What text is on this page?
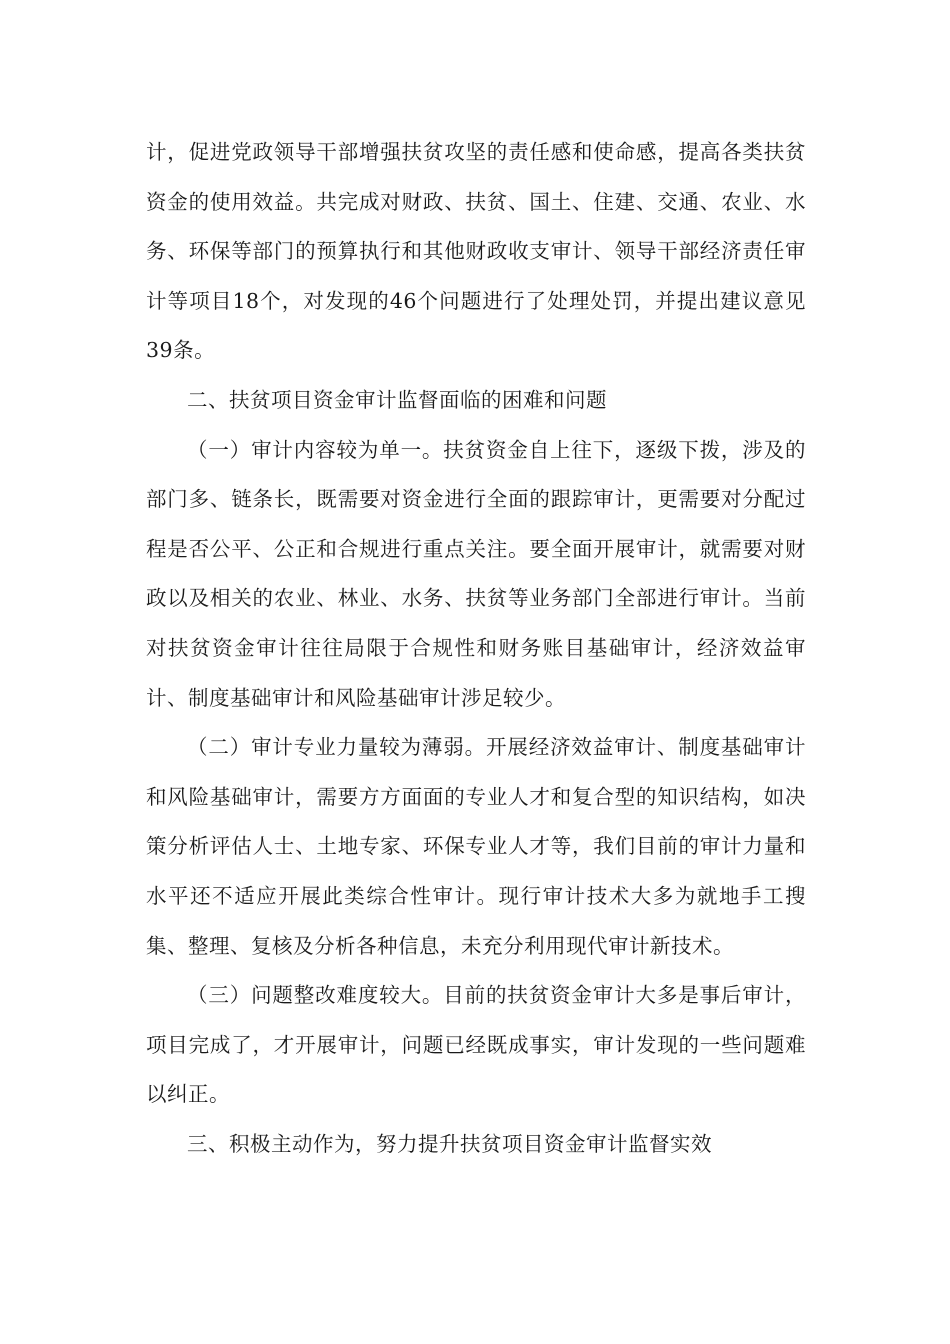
计，促进党政领导干部增强扶贫攻坚的责任感和使命感，提高各类扶贫资金的使用效益。共完成对财政、扶贫、国土、住建、交通、农业、水务、环保等部门的预算执行和其他财政收支审计、领导干部经济责任审计等项目18个，对发现的46个问题进行了处理处罚，并提出建议意见39条。

二、扶贫项目资金审计监督面临的困难和问题

（一）审计内容较为单一。扶贫资金自上往下，逐级下拨，涉及的部门多、链条长，既需要对资金进行全面的跟踪审计，更需要对分配过程是否公平、公正和合规进行重点关注。要全面开展审计，就需要对财政以及相关的农业、林业、水务、扶贫等业务部门全部进行审计。当前对扶贫资金审计往往局限于合规性和财务账目基础审计，经济效益审计、制度基础审计和风险基础审计涉足较少。

（二）审计专业力量较为薄弱。开展经济效益审计、制度基础审计和风险基础审计，需要方方面面的专业人才和复合型的知识结构，如决策分析评估人士、土地专家、环保专业人才等，我们目前的审计力量和水平还不适应开展此类综合性审计。现行审计技术大多为就地手工搜集、整理、复核及分析各种信息，未充分利用现代审计新技术。

（三）问题整改难度较大。目前的扶贫资金审计大多是事后审计，项目完成了，才开展审计，问题已经既成事实，审计发现的一些问题难以纠正。

三、积极主动作为，努力提升扶贫项目资金审计监督实效
